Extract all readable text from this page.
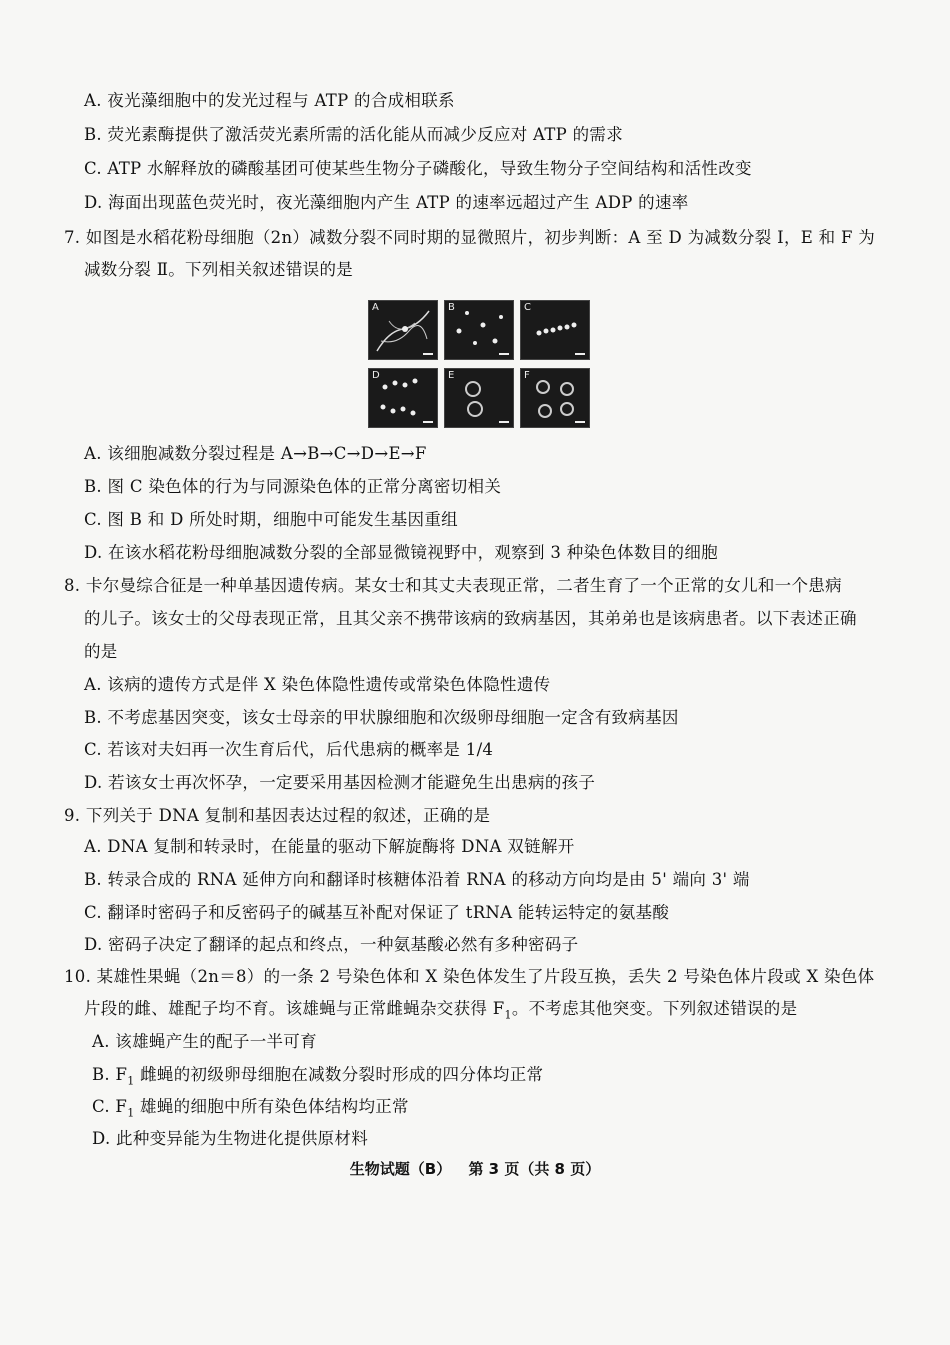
A. 夜光藻细胞中的发光过程与 ATP 的合成相联系
B. 荧光素酶提供了激活荧光素所需的活化能从而减少反应对 ATP 的需求
C. ATP 水解释放的磷酸基团可使某些生物分子磷酸化，导致生物分子空间结构和活性改变
D. 海面出现蓝色荧光时，夜光藻细胞内产生 ATP 的速率远超过产生 ADP 的速率
7. 如图是水稻花粉母细胞（2n）减数分裂不同时期的显微照片，初步判断：A 至 D 为减数分裂 Ⅰ，E 和 F 为
减数分裂 Ⅱ。下列相关叙述错误的是
A	B	C
D	E	F
A. 该细胞减数分裂过程是 A→B→C→D→E→F
B. 图 C 染色体的行为与同源染色体的正常分离密切相关
C. 图 B 和 D 所处时期，细胞中可能发生基因重组
D. 在该水稻花粉母细胞减数分裂的全部显微镜视野中，观察到 3 种染色体数目的细胞
8. 卡尔曼综合征是一种单基因遗传病。某女士和其丈夫表现正常，二者生育了一个正常的女儿和一个患病
的儿子。该女士的父母表现正常，且其父亲不携带该病的致病基因，其弟弟也是该病患者。以下表述正确
的是
A. 该病的遗传方式是伴 X 染色体隐性遗传或常染色体隐性遗传
B. 不考虑基因突变，该女士母亲的甲状腺细胞和次级卵母细胞一定含有致病基因
C. 若该对夫妇再一次生育后代，后代患病的概率是 1/4
D. 若该女士再次怀孕，一定要采用基因检测才能避免生出患病的孩子
9. 下列关于 DNA 复制和基因表达过程的叙述，正确的是
A. DNA 复制和转录时，在能量的驱动下解旋酶将 DNA 双链解开
B. 转录合成的 RNA 延伸方向和翻译时核糖体沿着 RNA 的移动方向均是由 5' 端向 3' 端
C. 翻译时密码子和反密码子的碱基互补配对保证了 tRNA 能转运特定的氨基酸
D. 密码子决定了翻译的起点和终点，一种氨基酸必然有多种密码子
10. 某雄性果蝇（2n＝8）的一条 2 号染色体和 X 染色体发生了片段互换，丢失 2 号染色体片段或 X 染色体
片段的雌、雄配子均不育。该雄蝇与正常雌蝇杂交获得 $F_1$。不考虑其他突变。下列叙述错误的是
A. 该雄蝇产生的配子一半可育
B. $F_1$ 雌蝇的初级卵母细胞在减数分裂时形成的四分体均正常
C. $F_1$ 雄蝇的细胞中所有染色体结构均正常
D. 此种变异能为生物进化提供原材料
生物试题（B） 第 3 页（共 8 页）
